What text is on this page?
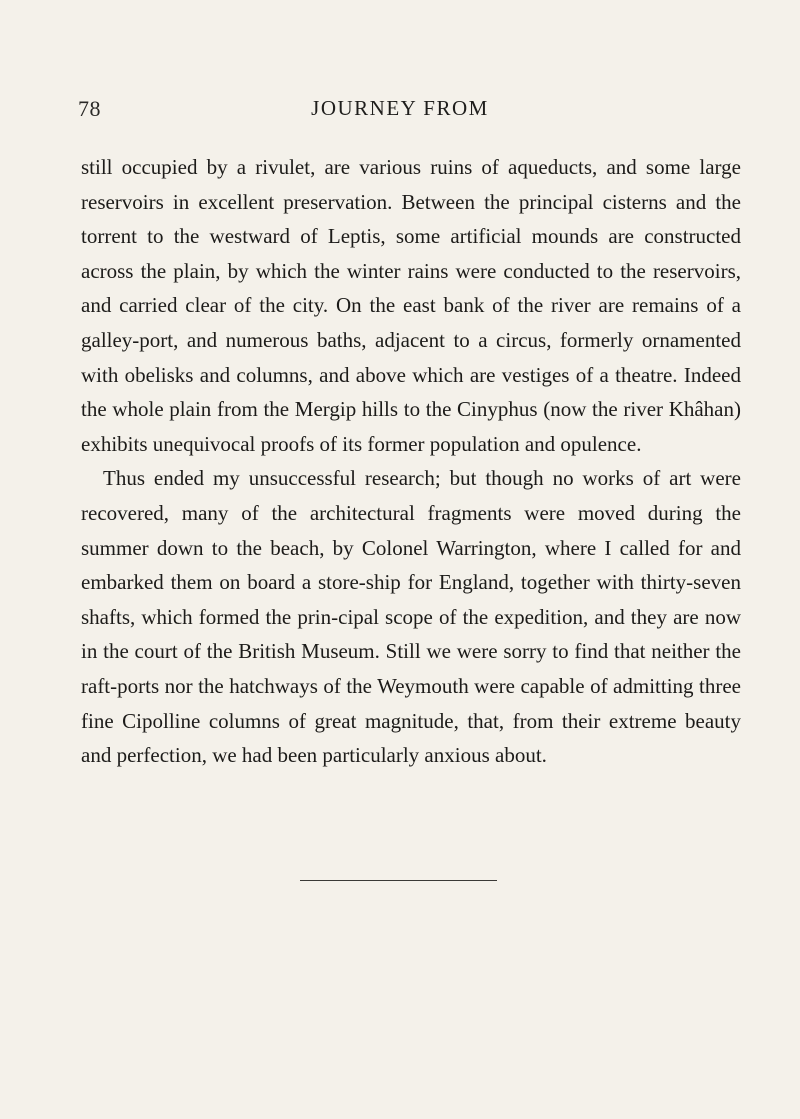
78	JOURNEY FROM

still occupied by a rivulet, are various ruins of aqueducts, and some large reservoirs in excellent preservation. Between the principal cisterns and the torrent to the westward of Leptis, some artificial mounds are constructed across the plain, by which the winter rains were conducted to the reservoirs, and carried clear of the city. On the east bank of the river are remains of a galley-port, and numerous baths, adjacent to a circus, formerly ornamented with obelisks and columns, and above which are vestiges of a theatre. Indeed the whole plain from the Mergip hills to the Cinyphus (now the river Khâhan) exhibits unequivocal proofs of its former population and opulence.

Thus ended my unsuccessful research; but though no works of art were recovered, many of the architectural fragments were moved during the summer down to the beach, by Colonel Warrington, where I called for and embarked them on board a store-ship for England, together with thirty-seven shafts, which formed the prin-cipal scope of the expedition, and they are now in the court of the British Museum. Still we were sorry to find that neither the raft-ports nor the hatchways of the Weymouth were capable of admitting three fine Cipolline columns of great magnitude, that, from their extreme beauty and perfection, we had been particularly anxious about.
